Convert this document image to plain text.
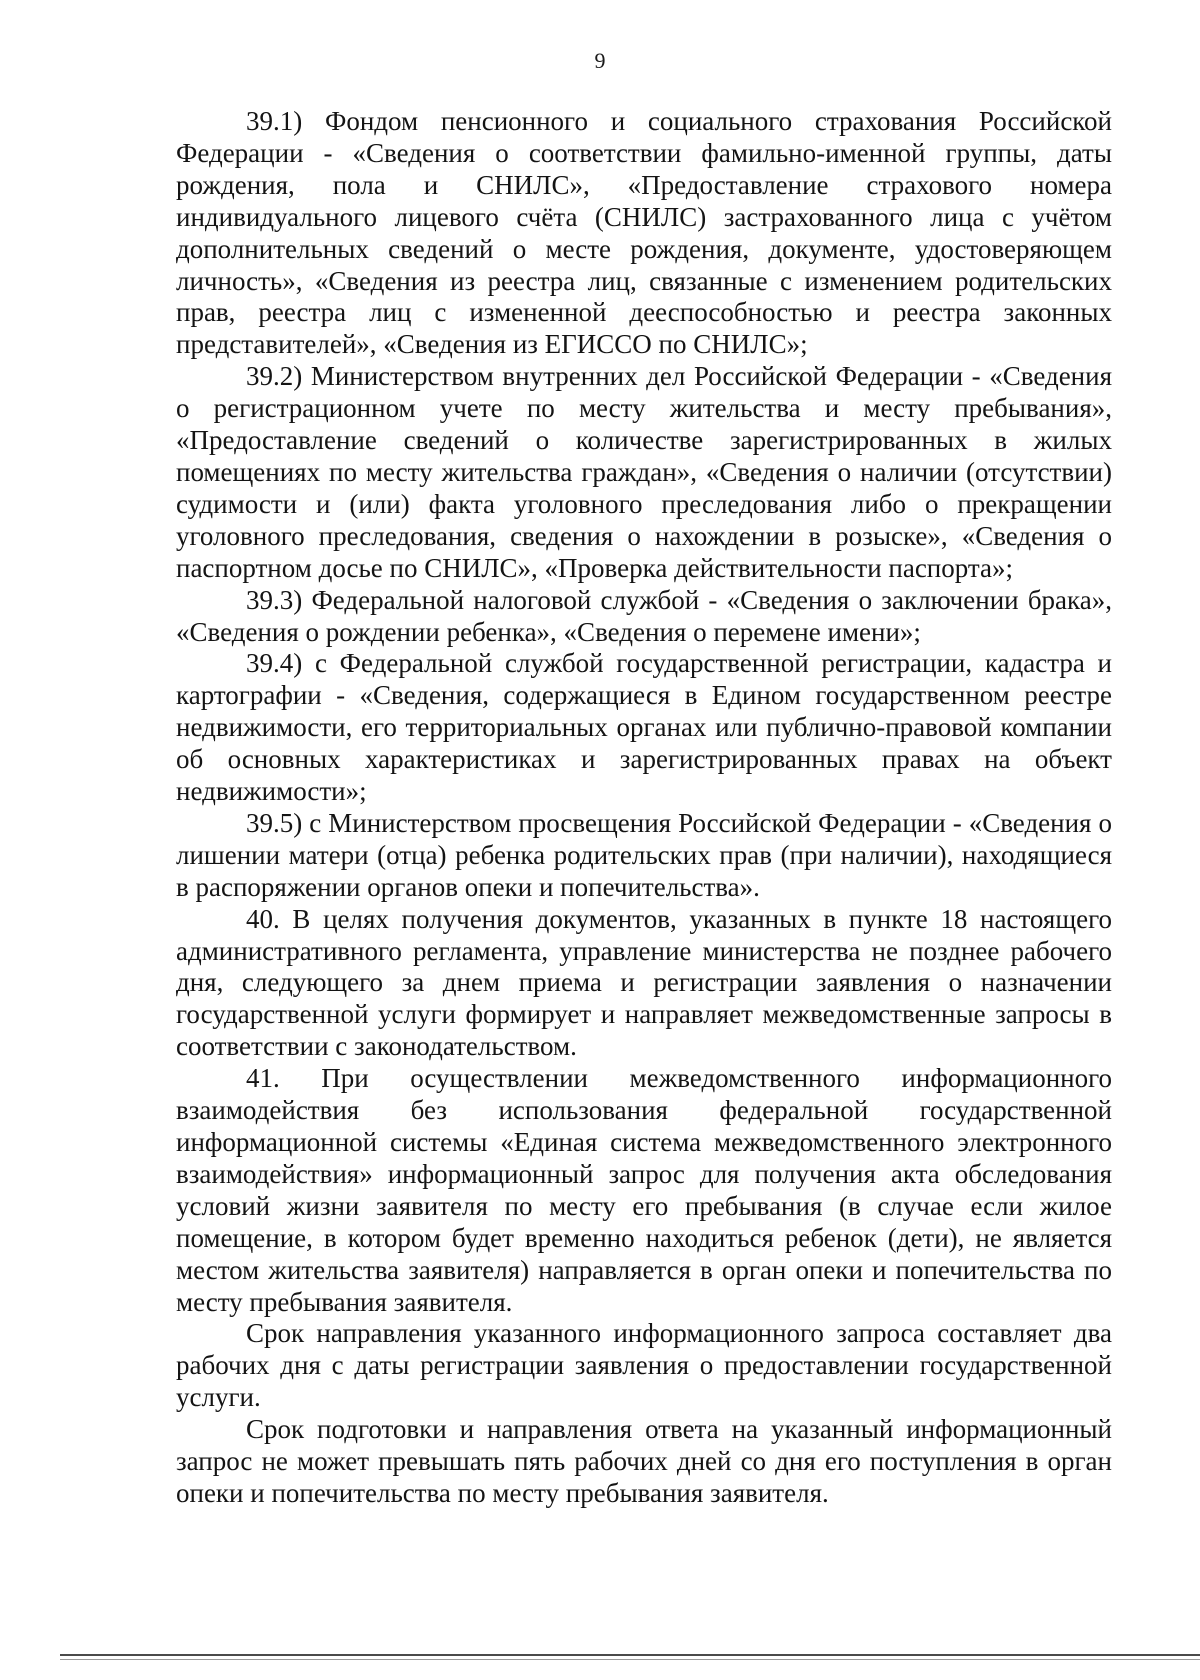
9

39.1) Фондом пенсионного и социального страхования Российской Федерации - «Сведения о соответствии фамильно-именной группы, даты рождения, пола и СНИЛС», «Предоставление страхового номера индивидуального лицевого счёта (СНИЛС) застрахованного лица с учётом дополнительных сведений о месте рождения, документе, удостоверяющем личность», «Сведения из реестра лиц, связанные с изменением родительских прав, реестра лиц с измененной дееспособностью и реестра законных представителей», «Сведения из ЕГИССО по СНИЛС»;

39.2) Министерством внутренних дел Российской Федерации - «Сведения о регистрационном учете по месту жительства и месту пребывания», «Предоставление сведений о количестве зарегистрированных в жилых помещениях по месту жительства граждан», «Сведения о наличии (отсутствии) судимости и (или) факта уголовного преследования либо о прекращении уголовного преследования, сведения о нахождении в розыске», «Сведения о паспортном досье по СНИЛС», «Проверка действительности паспорта»;

39.3) Федеральной налоговой службой - «Сведения о заключении брака», «Сведения о рождении ребенка», «Сведения о перемене имени»;

39.4) с Федеральной службой государственной регистрации, кадастра и картографии - «Сведения, содержащиеся в Едином государственном реестре недвижимости, его территориальных органах или публично-правовой компании об основных характеристиках и зарегистрированных правах на объект недвижимости»;

39.5) с Министерством просвещения Российской Федерации - «Сведения о лишении матери (отца) ребенка родительских прав (при наличии), находящиеся в распоряжении органов опеки и попечительства».

40. В целях получения документов, указанных в пункте 18 настоящего административного регламента, управление министерства не позднее рабочего дня, следующего за днем приема и регистрации заявления о назначении государственной услуги формирует и направляет межведомственные запросы в соответствии с законодательством.

41. При осуществлении межведомственного информационного взаимодействия без использования федеральной государственной информационной системы «Единая система межведомственного электронного взаимодействия» информационный запрос для получения акта обследования условий жизни заявителя по месту его пребывания (в случае если жилое помещение, в котором будет временно находиться ребенок (дети), не является местом жительства заявителя) направляется в орган опеки и попечительства по месту пребывания заявителя.

Срок направления указанного информационного запроса составляет два рабочих дня с даты регистрации заявления о предоставлении государственной услуги.

Срок подготовки и направления ответа на указанный информационный запрос не может превышать пять рабочих дней со дня его поступления в орган опеки и попечительства по месту пребывания заявителя.
